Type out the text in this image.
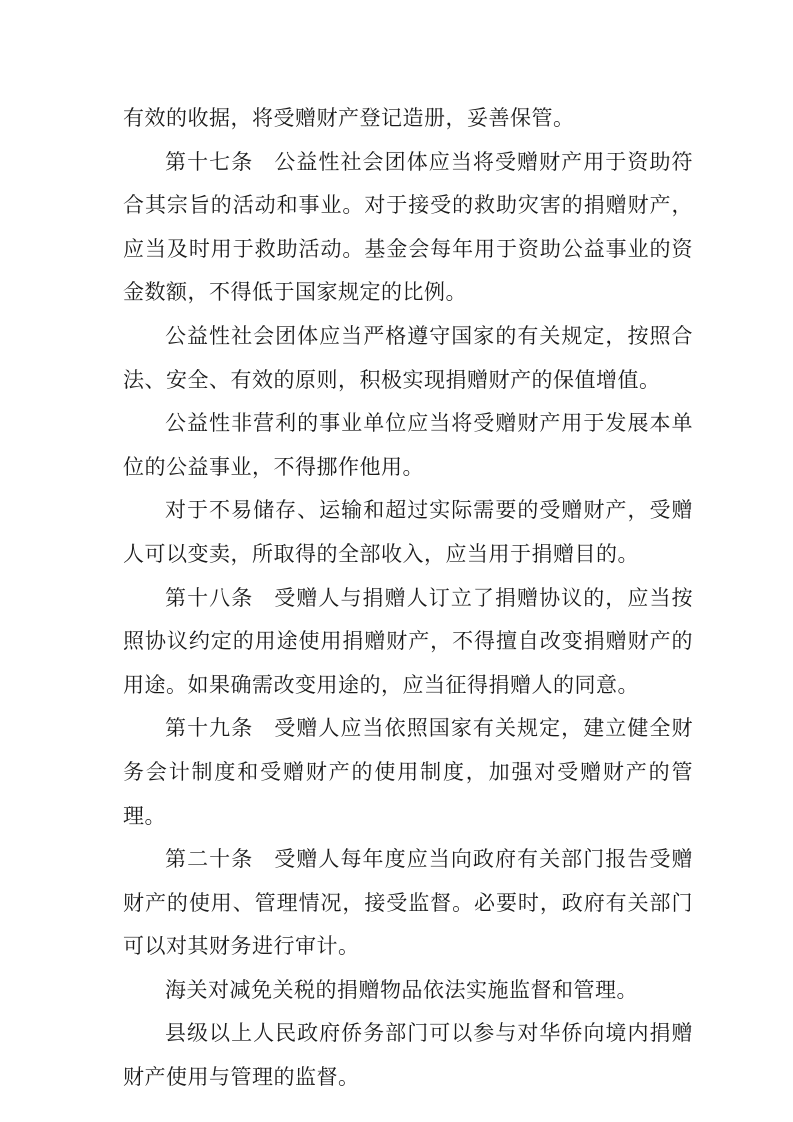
有效的收据，将受赠财产登记造册，妥善保管。

第十七条 公益性社会团体应当将受赠财产用于资助符合其宗旨的活动和事业。对于接受的救助灾害的捐赠财产，应当及时用于救助活动。基金会每年用于资助公益事业的资金数额，不得低于国家规定的比例。

公益性社会团体应当严格遵守国家的有关规定，按照合法、安全、有效的原则，积极实现捐赠财产的保值增值。

公益性非营利的事业单位应当将受赠财产用于发展本单位的公益事业，不得挪作他用。

对于不易储存、运输和超过实际需要的受赠财产，受赠人可以变卖，所取得的全部收入，应当用于捐赠目的。

第十八条 受赠人与捐赠人订立了捐赠协议的，应当按照协议约定的用途使用捐赠财产，不得擅自改变捐赠财产的用途。如果确需改变用途的，应当征得捐赠人的同意。

第十九条 受赠人应当依照国家有关规定，建立健全财务会计制度和受赠财产的使用制度，加强对受赠财产的管理。

第二十条 受赠人每年度应当向政府有关部门报告受赠财产的使用、管理情况，接受监督。必要时，政府有关部门可以对其财务进行审计。

海关对减免关税的捐赠物品依法实施监督和管理。

县级以上人民政府侨务部门可以参与对华侨向境内捐赠财产使用与管理的监督。
